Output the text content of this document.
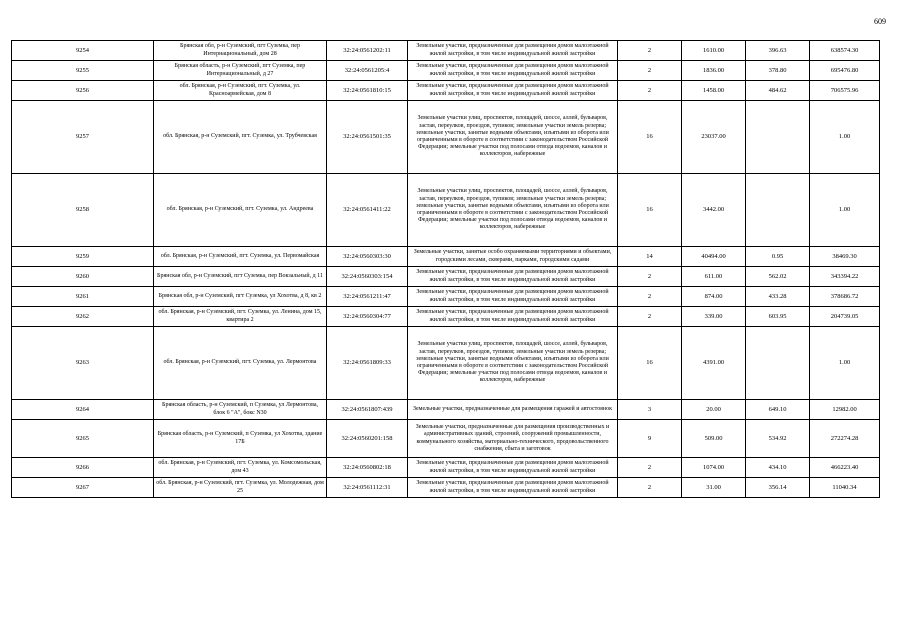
609
9254	Брянская обл, р-н Суземский, пгт Суземка, пер Интернациональный, дом 28	32:24:0561202:11	Земельные участки, предназначенные для размещения домов малоэтажной жилой застройки, в том числе индивидуальной жилой застройки	2	1610.00	396.63	638574.30
9255	Брянская область, р-н Суземский, пгт Суземка, пер Интернациональный, д 27	32:24:0561205:4	Земельные участки, предназначенные для размещения домов малоэтажной жилой застройки, в том числе индивидуальной жилой застройки	2	1836.00	378.80	695476.80
9256	обл. Брянская, р-н Суземский, пгт. Суземка, ул. Красноармейская, дом 8	32:24:0561810:15	Земельные участки, предназначенные для размещения домов малоэтажной жилой застройки, в том числе индивидуальной жилой застройки	2	1458.00	484.62	706575.96
9257	обл. Брянская, р-н Суземский, пгт. Суземка, ул. Трубчевская	32:24:0561501:35	Земельные участки улиц, проспектов, площадей, шоссе, аллей, бульваров, застав, переулков, проездов, тупиков; земельные участки земель резерва; земельные участки, занятые водными объектами, изъятыми из оборота или ограниченными в обороте в соответствии с законодательством Российской Федерации; земельные участки под полосами отвода водоемов, каналов и коллекторов, набережные	16	23037.00		1.00
9258	обл. Брянская, р-н Суземский, пгт. Суземка, ул. Андреева	32:24:0561411:22	Земельные участки улиц, проспектов, площадей, шоссе, аллей, бульваров, застав, переулков, проездов, тупиков; земельные участки земель резерва; земельные участки, занятые водными объектами, изъятыми из оборота или ограниченными в обороте в соответствии с законодательством Российской Федерации; земельные участки под полосами отвода водоемов, каналов и коллекторов, набережные	16	3442.00		1.00
9259	обл. Брянская, р-н Суземский, пгт. Суземка, ул. Первомайская	32:24:0560303:30	Земельные участки, занятые особо охраняемыми территориями и объектами, городскими лесами, скверами, парками, городскими садами	14	40494.00	0.95	38469.30
9260	Брянская обл, р-н Суземский, пгт Суземка, пер Вокзальный, д 11	32:24:0560303:154	Земельные участки, предназначенные для размещения домов малоэтажной жилой застройки, в том числе индивидуальной жилой застройки	2	611.00	562.02	343394.22
9261	Брянская обл, р-н Суземский, пгт Суземка, ул Хохотва, д 8, кв 2	32:24:0561211:47	Земельные участки, предназначенные для размещения домов малоэтажной жилой застройки, в том числе индивидуальной жилой застройки	2	874.00	433.28	378686.72
9262	обл. Брянская, р-н Суземский, пгт. Суземка, ул. Ленина, дом 15, квартира 2	32:24:0560304:77	Земельные участки, предназначенные для размещения домов малоэтажной жилой застройки, в том числе индивидуальной жилой застройки	2	339.00	603.95	204739.05
9263	обл. Брянская, р-н Суземский, пгт. Суземка, ул. Лермонтова	32:24:0561809:33	Земельные участки улиц, проспектов, площадей, шоссе, аллей, бульваров, застав, переулков, проездов, тупиков; земельные участки земель резерва; земельные участки, занятые водными объектами, изъятыми из оборота или ограниченными в обороте в соответствии с законодательством Российской Федерации; земельные участки под полосами отвода водоемов, каналов и коллекторов, набережные	16	4391.00		1.00
9264	Брянская область, р-н Суземский, п Суземка, ул Лермонтова, блок 6 "А", бокс N30	32:24:0561807:439	Земельные участки, предназначенные для размещения гаражей и автостоянок	3	20.00	649.10	12982.00
9265	Брянская область, р-н Суземский, п Суземка, ул Хохотва, здание 17Б	32:24:0560201:158	Земельные участки, предназначенные для размещения производственных и административных зданий, строений, сооружений промышленности, коммунального хозяйства, материально-технического, продовольственного снабжения, сбыта и заготовок	9	509.00	534.92	272274.28
9266	обл. Брянская, р-н Суземский, пгт. Суземка, ул. Комсомольская, дом 43	32:24:0560802:18	Земельные участки, предназначенные для размещения домов малоэтажной жилой застройки, в том числе индивидуальной жилой застройки	2	1074.00	434.10	466223.40
9267	обл. Брянская, р-н Суземский, пгт. Суземка, ул. Молодежная, дом 25	32:24:0561112:31	Земельные участки, предназначенные для размещения домов малоэтажной жилой застройки, в том числе индивидуальной жилой застройки	2	31.00	356.14	11040.34
